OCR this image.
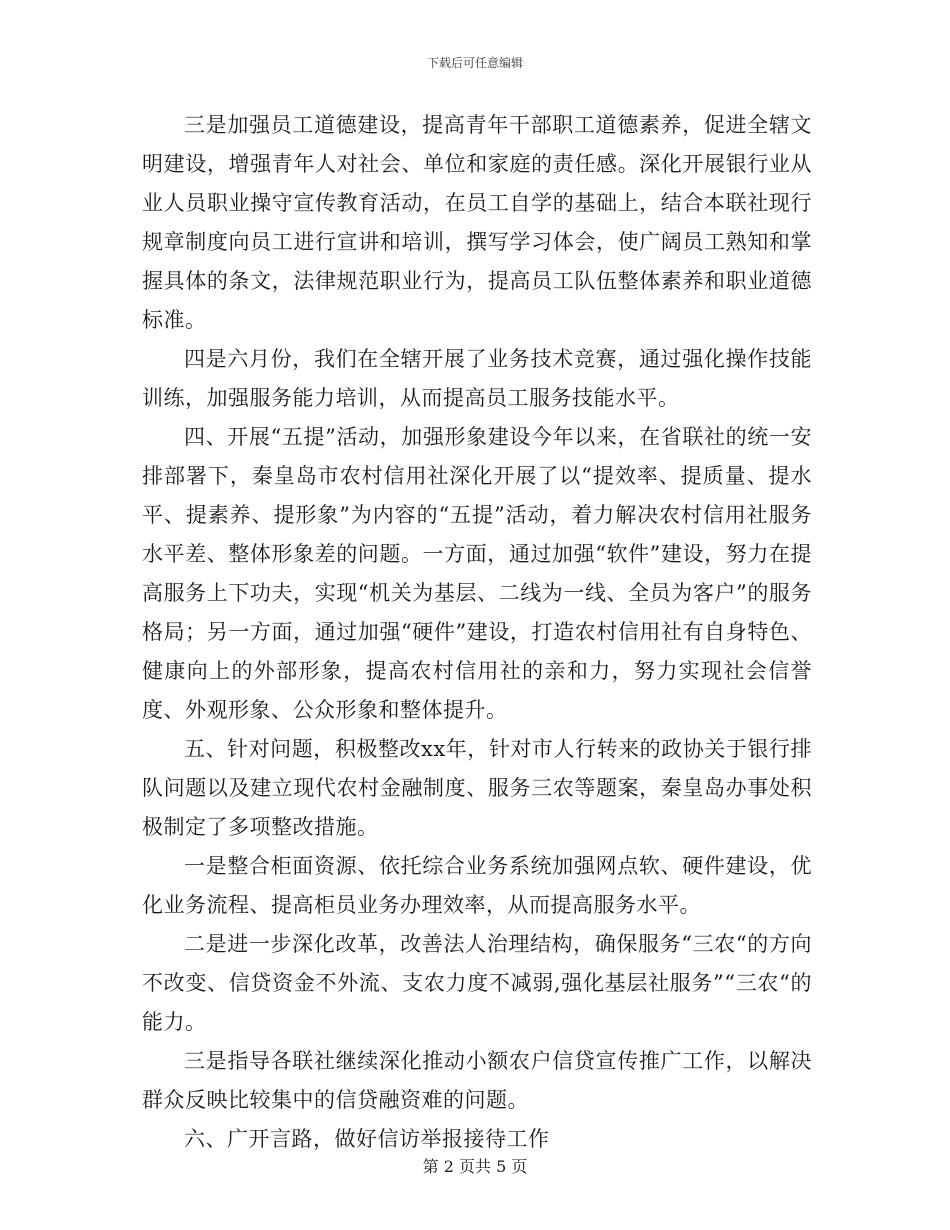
下载后可任意编辑

三是加强员工道德建设，提高青年干部职工道德素养，促进全辖文明建设，增强青年人对社会、单位和家庭的责任感。深化开展银行业从业人员职业操守宣传教育活动，在员工自学的基础上，结合本联社现行规章制度向员工进行宣讲和培训，撰写学习体会，使广阔员工熟知和掌握具体的条文，法律规范职业行为，提高员工队伍整体素养和职业道德标准。

四是六月份，我们在全辖开展了业务技术竞赛，通过强化操作技能训练，加强服务能力培训，从而提高员工服务技能水平。

四、开展“五提”活动，加强形象建设今年以来，在省联社的统一安排部署下，秦皇岛市农村信用社深化开展了以“提效率、提质量、提水平、提素养、提形象”为内容的“五提”活动，着力解决农村信用社服务水平差、整体形象差的问题。一方面，通过加强“软件”建设，努力在提高服务上下功夫，实现“机关为基层、二线为一线、全员为客户”的服务格局；另一方面，通过加强“硬件”建设，打造农村信用社有自身特色、健康向上的外部形象，提高农村信用社的亲和力，努力实现社会信誉度、外观形象、公众形象和整体提升。

五、针对问题，积极整改xx年，针对市人行转来的政协关于银行排队问题以及建立现代农村金融制度、服务三农等题案，秦皇岛办事处积极制定了多项整改措施。

一是整合柜面资源、依托综合业务系统加强网点软、硬件建设，优化业务流程、提高柜员业务办理效率，从而提高服务水平。

二是进一步深化改革，改善法人治理结构，确保服务“三农“的方向不改变、信贷资金不外流、支农力度不减弱,强化基层社服务”“三农“的能力。

三是指导各联社继续深化推动小额农户信贷宣传推广工作，以解决群众反映比较集中的信贷融资难的问题。

六、广开言路，做好信访举报接待工作

第 2 页共 5 页
